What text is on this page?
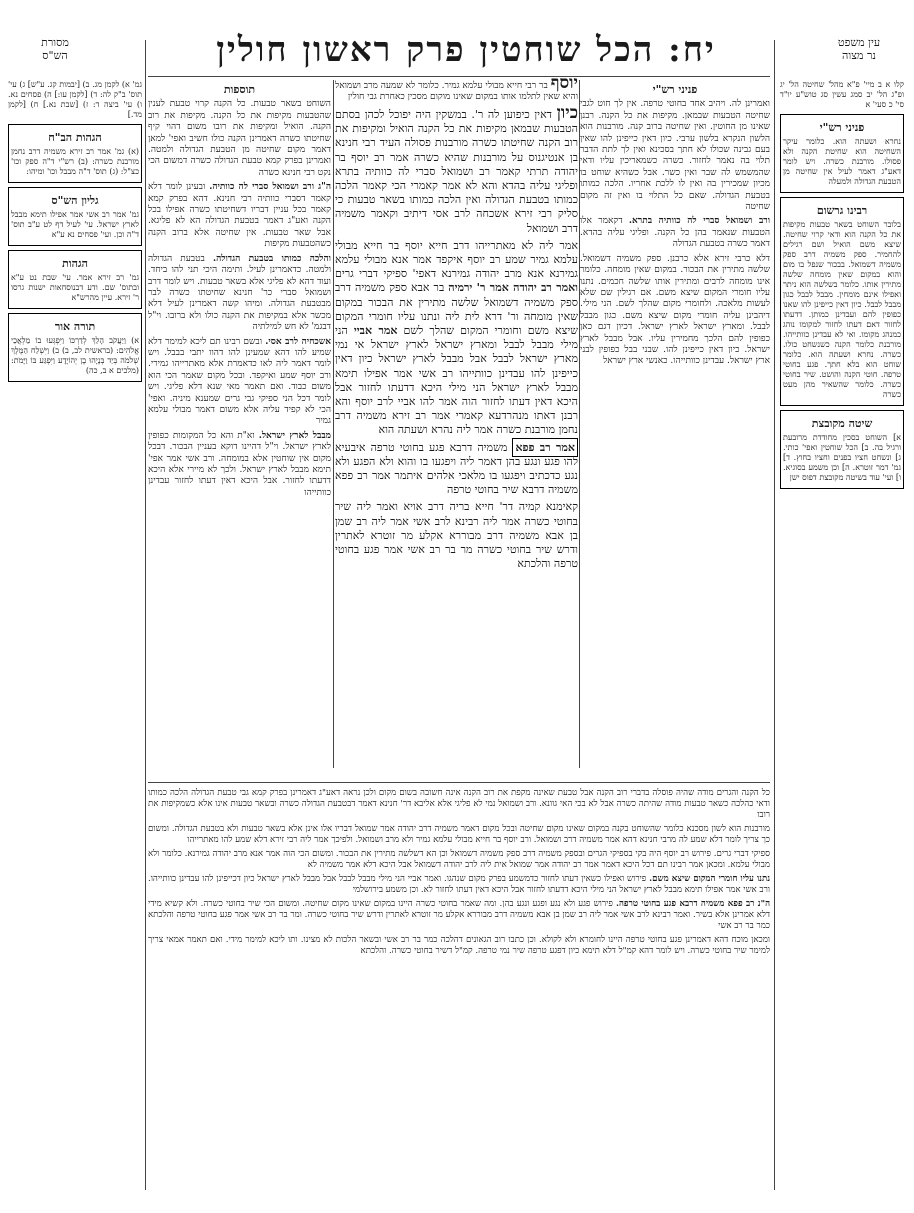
עין משפט
נר מצוה
יח: הכל שוחטין פרק ראשון חולין
מסורת
הש"ס

יוסף בר רבי חייא מבולי עלמא גמיר. כלומר לא שמעה מרב ושמואל והיא שאין לתלמו אותו במקום שאינו מוקום מסכין כאחרת גבי חולין

כיון דאין כיפוען לה ר'. במשקין היה יפוכל לכהן בסתם הטבעות שבמאן מקיפות את כל הקנה הואיל ומקיפות את רוב הקנה שחיטתו כשרה מורבנות פסולה העיד רבי חנינא בן אנטיגנוס על מורבנות שהיא כשרה אמר רב יוסף בר יהודה תרתי קאמר רב ושמואל סברי לה כוותיה בתרא ופליגי עליה בהדא והא לא אמר קאמרי הכי קאמר הלכה כמותו בטבעת הגדולה ואין הלכה כמותו בשאר טבעות כי סליק רבי זירא אשכחה לרב אסי דיתיב וקאמר משמיה דרב ושמואל

אמר ליה לא מאתרייהו דרב חייא יוסף בר חייא מבולי עלמא גמיר שמע רב יוסף איקפד אמר אנא מבולי עלמא גמירנא אנא מרב יהודה גמירנא דאפי' ספיקי דברי גרים ואמר רב יהודה אמר ר' ירמיה בר אבא ספק משמיה דרב ספק משמיה דשמואל שלשה מתירין את הבכור במקום שאין מומחה ור' דרא לית ליה ונתנו עליו חומרי המקום שיצא משם וחומרי המקום שהלך לשם אמר אביי הני מילי מבבל לבבל ומארץ ישראל לארץ ישראל אי נמי מארץ ישראל לבבל אבל מבבל לארץ ישראל כיון דאין כייפינן להו עבדינן כוותייהו רב אשי אמר אפילו תימא מבבל לארץ ישראל הני מילי היכא דדעתו לחזור אבל היכא דאין דעתו לחזור הוה אמר להו אביי לרב יוסף והא רבנן דאתו מנהרדעא קאמרי אמר רב זירא משמיה דרב נחמן מורבנת כשרה אמר ליה נהרא ושעתה הוא

אמר רב פפא משמיה דרבא פגע בחוטי טרפה איבעיא להו פגע ונגע בהן דאמר ליה ויפגעו בו והוא ולא הפגע ולא נגע כדכתיב ויפגעו בו מלאכי אלהים איתמר אמר רב פפא משמיה דרבא שיר בחוטי טרפה

קאימנא קמיה דר' חייא בריה דרב אויא ואמר ליה שיר בחוטי כשרה אמר ליה רבינא לרב אשי אמר ליה רב שמן בן אבא משמיה דרב מבוררא אקלע מר זוטרא לאתרין ודרש שיר בחוטי כשרה מר בר רב אשי אמר פגע בחוטי טרפה והלכתא

פניני רש"י

ואמרינן לה. ויהיב אחד בחוטי טרפה. אין לך חוט לגבי שחיטה הטבעות שבמאן. מקיפות את כל הקנה. רבנן שאינו מן החוטין. ואין שחיטה ברוב קנה. מורבנות הוא הלשון הנקרא בלשון ערבי. כיון דאין כייפינן להו שאין בעם גבינה שכולו לא חתך בסכינא ואין לך לתת הדבר תלוי בה נאמר לחזור. כשרה כשמאריכין עליו ודאי שהמשמש לה שבר ואין כשר. אבל כשהיא שוחט בו מכיון שמכירין בה ואין לו ללכת אחריו. הלכה כמותו בטבעת הגדולה. שאם כל התלוי בו ואין זה מקום שחיטה

ורב ושמואל סברי לה כוותיה בתרא. דקאמר אלו הטבעות שנאמר בהן כל הקנה. ופליגי עליה בהדא. דאמר כשרה בטבעת הגדולה

דלא כרבי זירא אלא כרבנן. ספק משמיה דשמואל. שלשה מתירין את הבכור. במקום שאין מומחה. כלומר אינו מומחה לרבים ומתירין אותו שלשה חכמים. נתנו עליו חומרי המקום שיצא משם. אם רגילין שם שלא לעשות מלאכה. ולחומרי מקום שהלך לשם. הני מילי. דיהבינן עליה חומרי מקום שיצא משם. כגון מבבל לבבל. ומארץ ישראל לארץ ישראל. דכיון דגם כאן כפופין להם הלכך מחמירין עליו. אבל מבבל לארץ ישראל. כיון דאין כייפינן להו. שבני בבל כפופין לבני ארץ ישראל. עבדינן כוותייהו. כאנשי ארץ ישראל

תוספות

השוחט בשאר טבעות. כל הקנה קרוי טבעת לענין שהטבעות מקיפות את כל הקנה. מקיפות את רוב הקנה. הואיל ומקיפות את רובו משום דהוי קיף שחיטתו כשרה דאמרינן הקנה כולו חשיב ואפי' למאן דאמר מקום שחיטה מן הטבעת הגדולה ולמטה. ואמרינן בפרק קמא טבעת הגדולה כשרה דמשום הכי נקט רבי חנינא כשרה

ה"ג ורב ושמואל סברי לה כוותיה. ובעינן לומר דלא קאמר דסברי כוותיה רבי חנינא. דהא בפרק קמא קאמר בכל עניין דבריו דשחיטתו כשרה אפילו בכל הקנה ואע"ג דאמר בטבעת הגדולה הא לא פליגא. אבל שאר טבעות. אין שחיטה אלא ברוב הקנה כשהטבעות מקיפות

והלכה כמותו בטבעת הגדולה. בטבעת הגדולה ולמטה. כדאמרינן לעיל. ותימה היכי תני להו ביחד. ועוד דהא לא פליגי אלא בשאר טבעות. ויש לומר דרב ושמואל סברי כר' חנינא שחיטתו כשרה לבר מבטבעת הגדולה. ומיהו קשה דאמרינן לעיל דלא מכשר אלא במקיפות את הקנה כולו ולא ברובו. וי"ל דבגמ' לא חש למילתיה

אשכחיה לרב אסי. ובשם רבינו תם ליכא למימר דלא שמיע להו דהא שמעינן להו דהוו יתבי בבבל. ויש לומר דאמר ליה לאו כדאמרת אלא מאתרייהו גמירי. ורב יוסף שמע ואיקפד. ובכל מקום שאמר הכי הוא משום כבוד. ואם תאמר מאי שנא דלא פליגי. ויש לומר דכל הני ספיקי גבי גרים שמענא מיניה. ואפי' הכי לא קפיד עליה אלא משום דאמר מבולי עלמא גמיר

מבבל לארץ ישראל. וא"ת והא כל המקומות כפופין לארץ ישראל. וי"ל דהיינו דוקא בעניין הבכור. דבכל מקום אין שוחטין אלא במומחה. ורב אשי אמר אפי' תימא מבבל לארץ ישראל. ולכך לא מיירי אלא היכא דדעתו לחזור. אבל היכא דאין דעתו לחזור עבדינן כוותייהו

כל הקנה והגרים מודה שהיה פוסלה בדברי רוב הקנה אבל טבעת שאינה מקפת את רוב הקנה אינה חשובה בשום מקום ולכן נראה דאע"ג דאמרינן בפרק קמא גבי טבעת הגדולה הלכה כמותו ודאי כהלכה כשאר טבעות מודה שהיתה כשרה אבל לא בכי האי גוונא. ורב ושמואל נמי לא פליגי אלא אליבא דר' חנינא דאמר דבטבעת הגדולה כשרה ובשאר טבעות אינו אלא כשמקיפות את רובו

מורבנות הוא לשון מסכנא כלומר שהשוחט בקנה במקום שאינו מקום שחיטה ובכל מקום דאמר משמיה דרב יהודה אמר שמואל דבריו אלו אינן אלא בשאר טבעות ולא בטבעת הגדולה. ומשום כך צריך לומר דלא שמע לה מרבי חנינא דהא אמר משמיה דרב ושמואל. ורב יוסף בר חייא מבולי עלמא גמיר ולא מרב ושמואל. ולפיכך אמר ליה רבי זירא דלא שמע להו מאתרייהו

ספיקי דברי גרים. פירוש רב יוסף היה בקי בספיקי הגרים ובספק משמיה דרב ספק משמיה דשמואל וכן הא דשלשה מתירין את הבכור. ומשום הכי הוה אמר אנא מרב יהודה גמירנא. כלומר ולא מבולי עלמא. ומכאן אמר רבינו תם דכל היכא דאמר אמר רב יהודה אמר שמואל אית ליה לרב יהודה דשמואל אבל היכא דלא אמר משמיה לא

נתנו עליו חומרי המקום שיצא משם. פירוש ואפילו כשאין דעתו לחזור כדמשמע בפרק מקום שנהגו. ואמר אביי הני מילי מבבל לבבל אבל מבבל לארץ ישראל כיון דכייפינן להו עבדינן כוותייהו. ורב אשי אמר אפילו תימא מבבל לארץ ישראל הני מילי היכא דדעתו לחזור אבל היכא דאין דעתו לחזור לא. וכן משמע בירושלמי

ה"נ רב פפא משמיה דרבא פגע בחוטי טרפה. פירוש פגע ולא נגע ופגע ונגע בהן. ומה שאמר בחוטי כשרה היינו במקום שאינו מקום שחיטה. ומשום הכי שיר בחוטי כשרה. ולא קשיא מידי דלא אמרינן אלא בשיר. ואמר רבינא לרב אשי אמר ליה רב שמן בן אבא משמיה דרב מבוררא אקלע מר זוטרא לאתרין ודרש שיר בחוטי כשרה. ומר בר רב אשי אמר פגע בחוטי טרפה והלכתא כמר בר רב אשי

ומכאן מוכח דהא דאמרינן פגע בחוטי טרפה היינו לחומרא ולא לקולא. וכן כתבו רוב הגאונים דהלכה כמר בר רב אשי ובשאר הלכות לא מצינו. ותו ליכא למימר מידי. ואם תאמר אמאי צריך למימר שיר בחוטי כשרה. ויש לומר דהא קמ"ל דלא תימא כיון דפגע טרפה שיר נמי טרפה. קמ"ל דשיר בחוטי כשרה. והלכתא

קלו א ב מיי' פ"א מהל' שחיטה הל' יג ופ"ג הל' יב סמג עשין סג טוש"ע יו"ד סי' כ סעי' א

פניני רש"י

נחרא ושעתה הוא. כלומר עיקר השחיטה הוא שחיטת הקנה ולא פסולו. מורבנת כשרה. ויש לומר דאע"ג דאמר לעיל אין שחיטה מן הטבעת הגדולה ולמעלה

רבינו גרשום

בלובר השוחט בשאר טבעות מקיפות את כל הקנה הוא ודאי קרוי שחיטה. שיצא משם הואיל ושם רגילים להחמיר. ספק משמיה דרב ספק משמיה דשמואל. בבכור שנפל בו מום והוא במקום שאין מומחה שלשה מתירין אותו. כלומר בשלשה הוא ניתר ואפילו אינם מומחין. מבבל לבבל כגון מבבל לבבל. כיון דאין כייפינן להו שאנו כפופין להם ועבדינן כמותן. דדעתו לחזור דאם דעתו לחזור למקומו נוהג כמנהג מקומו. ואי לא עבדינן כוותייהו. מורבנת כלומר הקנה כשנשחט כולו. כשרה. נחרא ושעתה הוא. כלומר שוחט הוא בלא חתך. פגע בחוטי טרפה. חוטי הקנה והושט. שיר בחוטי כשרה. כלומר שהשאיר מהן מעט כשרה

שיטה מקובצת

א] השוחט בסכין מחודדת מרובעת ורגיל בה. ב] הכל שוחטין ואפי' כותי. ג] ונשחט חציו בפנים וחציו בחוץ. ד] גמ' דמר זוטרא. ה] וכן משמע בסוגיא. ו] ועי' עוד בשיטה מקובצת דפוס ישן

גמ' א) לקמן מג. ב) [יבמות קג. ע"ש] ג) עי' תוס' ב"ק לה: ד) [לקמן עו:] ה) פסחים נא. ו) עי' ביצה ד: ז) [שבת נא.] ח) [לקמן מד.]

הגהות הב"ח

(א) גמ' אמר רב זירא משמיה דרב נחמן מורבנת כשרה: (ב) רש"י ד"ה ספק וכו' כצ"ל: (ג) תוס' ד"ה מבבל וכו' ומיהו:

גליון הש"ס

גמ' אמר רב אשי אמר אפילו תימא מבבל לארץ ישראל. עי' לעיל דף לט ע"ב תוס' ד"ה וכן. ועי' פסחים נא ע"א

הגהות

גמ' רב זירא אמר. עי' שבת נט ע"א ובתוס' שם. ודע דבנוסחאות ישנות גרסו ר' זירא. עיין מהרש"א

תורה אור

א) וַיַּעֲקֹב הָלַךְ לְדַרְכּוֹ וַיִּפְגְּעוּ בוֹ מַלְאֲכֵי אֱלֹהִים: (בראשית לב, ב) ב) וַיִּשְׁלַח הַמֶּלֶךְ שְׁלֹמֹה בְּיַד בְּנָיָהוּ בֶן יְהוֹיָדָע וַיִּפְגַּע בּוֹ וַיָּמֹת: (מלכים א ב, כה)
